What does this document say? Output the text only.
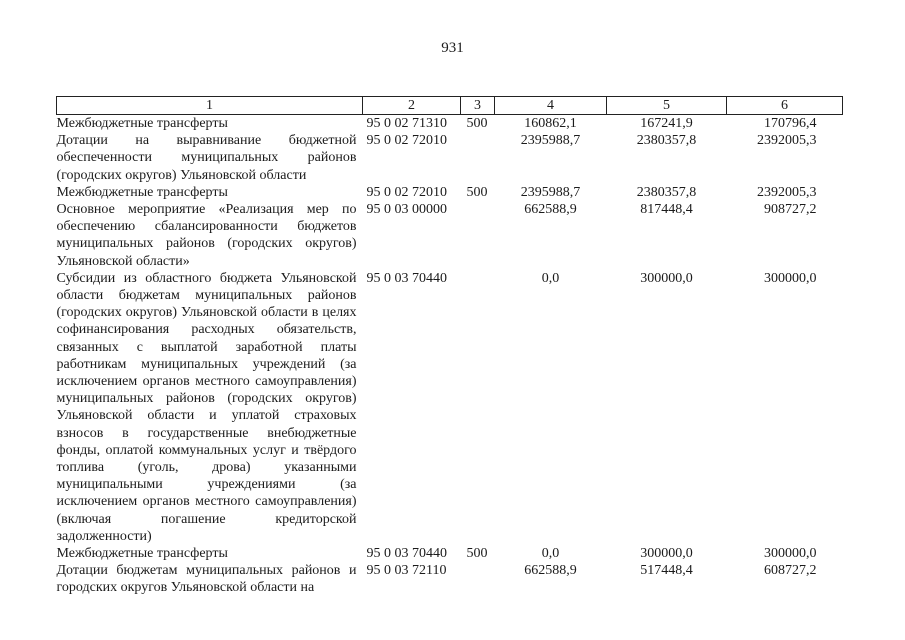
931
1	2	3	4	5	6
Межбюджетные трансферты	95 0 02 71310	500	160862,1	167241,9	170796,4
Дотации на выравнивание бюджетной обеспеченности муниципальных районов (городских округов) Ульяновской области	95 0 02 72010		2395988,7	2380357,8	2392005,3
Межбюджетные трансферты	95 0 02 72010	500	2395988,7	2380357,8	2392005,3
Основное мероприятие «Реализация мер по обеспечению сбалансированности бюджетов муниципальных районов (городских округов) Ульяновской области»	95 0 03 00000		662588,9	817448,4	908727,2
Субсидии из областного бюджета Ульяновской области бюджетам муниципальных районов (городских округов) Ульяновской области в целях софинансирования расходных обязательств, связанных с выплатой заработной платы работникам муниципальных учреждений (за исключением органов местного самоуправления) муниципальных районов (городских округов) Ульяновской области и уплатой страховых взносов в государственные внебюджетные фонды, оплатой коммунальных услуг и твёрдого топлива (уголь, дрова) указанными муниципальными учреждениями (за исключением органов местного самоуправления) (включая погашение кредиторской задолженности)	95 0 03 70440		0,0	300000,0	300000,0
Межбюджетные трансферты	95 0 03 70440	500	0,0	300000,0	300000,0
Дотации бюджетам муниципальных районов и городских округов Ульяновской области на	95 0 03 72110		662588,9	517448,4	608727,2
